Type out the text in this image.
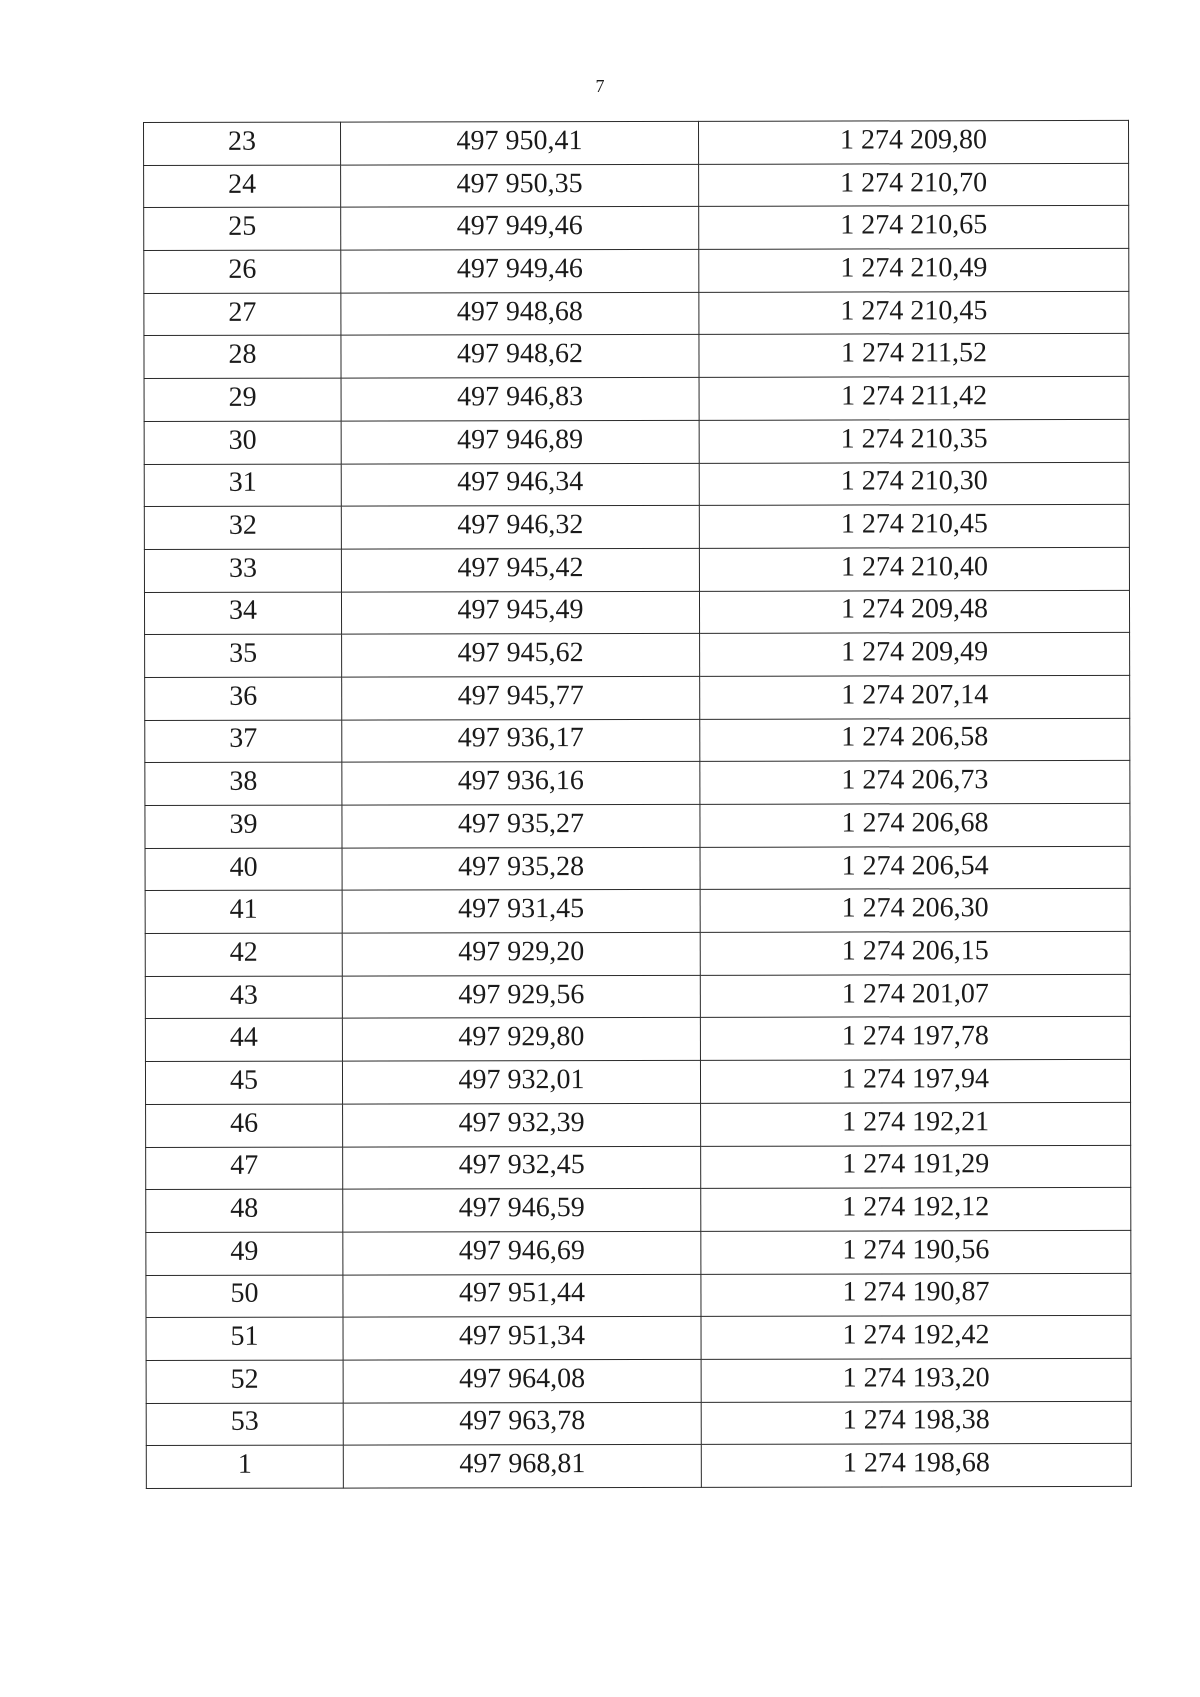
7
23	497 950,41	1 274 209,80
24	497 950,35	1 274 210,70
25	497 949,46	1 274 210,65
26	497 949,46	1 274 210,49
27	497 948,68	1 274 210,45
28	497 948,62	1 274 211,52
29	497 946,83	1 274 211,42
30	497 946,89	1 274 210,35
31	497 946,34	1 274 210,30
32	497 946,32	1 274 210,45
33	497 945,42	1 274 210,40
34	497 945,49	1 274 209,48
35	497 945,62	1 274 209,49
36	497 945,77	1 274 207,14
37	497 936,17	1 274 206,58
38	497 936,16	1 274 206,73
39	497 935,27	1 274 206,68
40	497 935,28	1 274 206,54
41	497 931,45	1 274 206,30
42	497 929,20	1 274 206,15
43	497 929,56	1 274 201,07
44	497 929,80	1 274 197,78
45	497 932,01	1 274 197,94
46	497 932,39	1 274 192,21
47	497 932,45	1 274 191,29
48	497 946,59	1 274 192,12
49	497 946,69	1 274 190,56
50	497 951,44	1 274 190,87
51	497 951,34	1 274 192,42
52	497 964,08	1 274 193,20
53	497 963,78	1 274 198,38
1	497 968,81	1 274 198,68
